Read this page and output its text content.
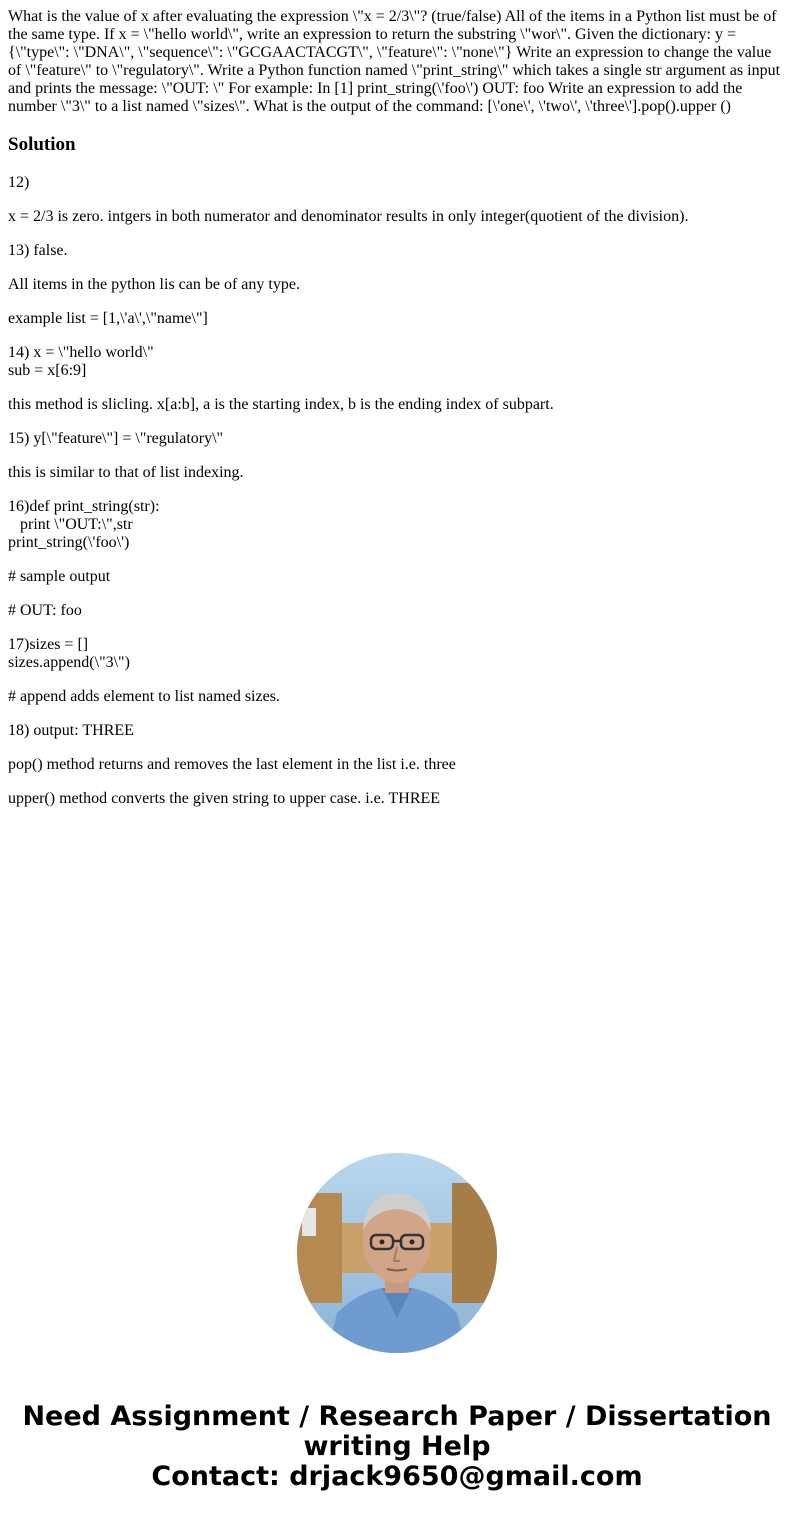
What is the value of x after evaluating the expression \"x = 2/3\"? (true/false) All of the items in a Python list must be of the same type. If x = \"hello world\", write an expression to return the substring \"wor\". Given the dictionary: y = {\"type\": \"DNA\", \"sequence\": \"GCGAACTACGT\", \"feature\": \"none\"} Write an expression to change the value of \"feature\" to \"regulatory\". Write a Python function named \"print_string\" which takes a single str argument as input and prints the message: \"OUT: \" For example: In [1] print_string(\'foo\') OUT: foo Write an expression to add the number \"3\" to a list named \"sizes\". What is the output of the command: [\'one\', \'two\', \'three\'].pop().upper ()

Solution

12)

x = 2/3 is zero. intgers in both numerator and denominator results in only integer(quotient of the division).

13) false.

All items in the python lis can be of any type.

example list = [1,\'a\',\"name\"]

14) x = \"hello world\"
sub = x[6:9]

this method is slicling. x[a:b], a is the starting index, b is the ending index of subpart.

15) y[\"feature\"] = \"regulatory\"

this is similar to that of list indexing.

16)def print_string(str):
print \"OUT:\",str
print_string(\'foo\')

# sample output

# OUT: foo

17)sizes = []
sizes.append(\"3\")

# append adds element to list named sizes.

18) output: THREE

pop() method returns and removes the last element in the list i.e. three

upper() method converts the given string to upper case. i.e. THREE

Need Assignment / Research Paper / Dissertation
writing Help
Contact: drjack9650@gmail.com
